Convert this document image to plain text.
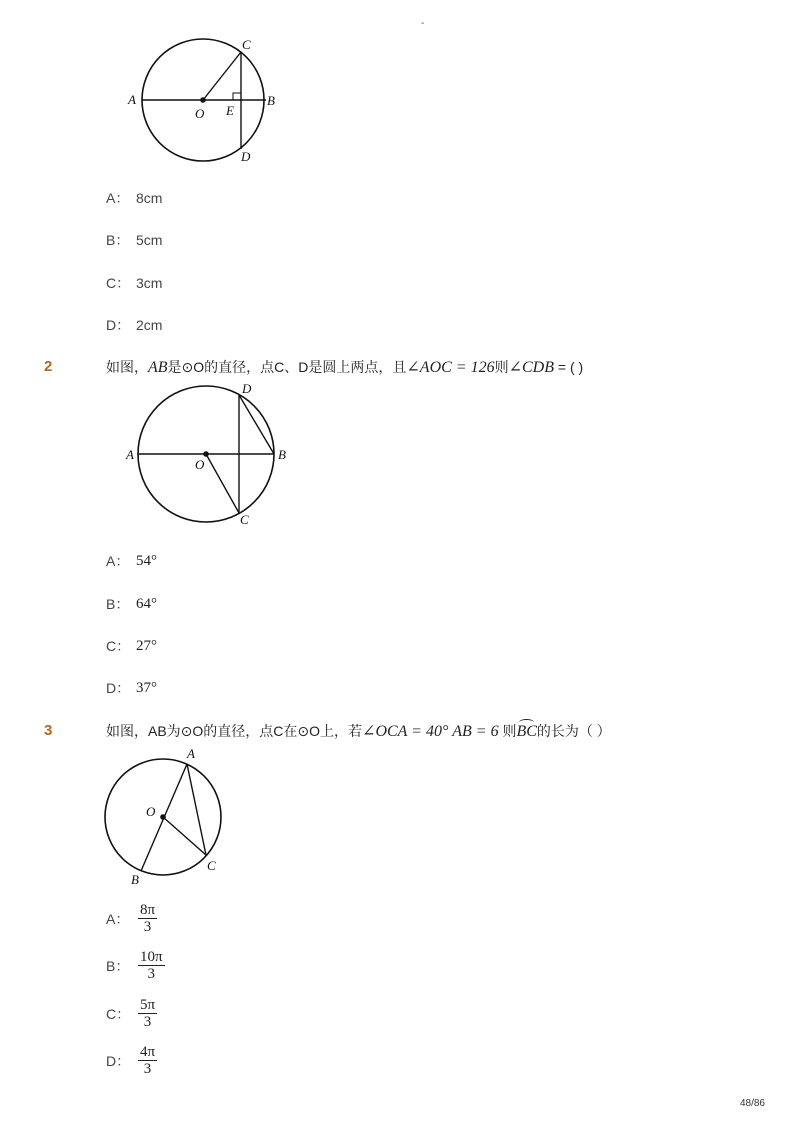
-
A
O E
B
C
D
A： 8cm
B： 5cm
C： 3cm
D： 2cm
2	如图，AB是⊙O的直径，点C、D是圆上两点，且∠AOC = 126则∠CDB = ( )
D
A
O
B
C
A： 54°
B： 64°
C： 27°
D： 37°
3	如图，AB为⊙O的直径，点C在⊙O上，若∠OCA = 40° AB = 6 则BC的长为（ ）
A
O
B
C
A： $\frac{8\pi}{3}$
B： $\frac{10\pi}{3}$
C： $\frac{5\pi}{3}$
D： $\frac{4\pi}{3}$
48/86
